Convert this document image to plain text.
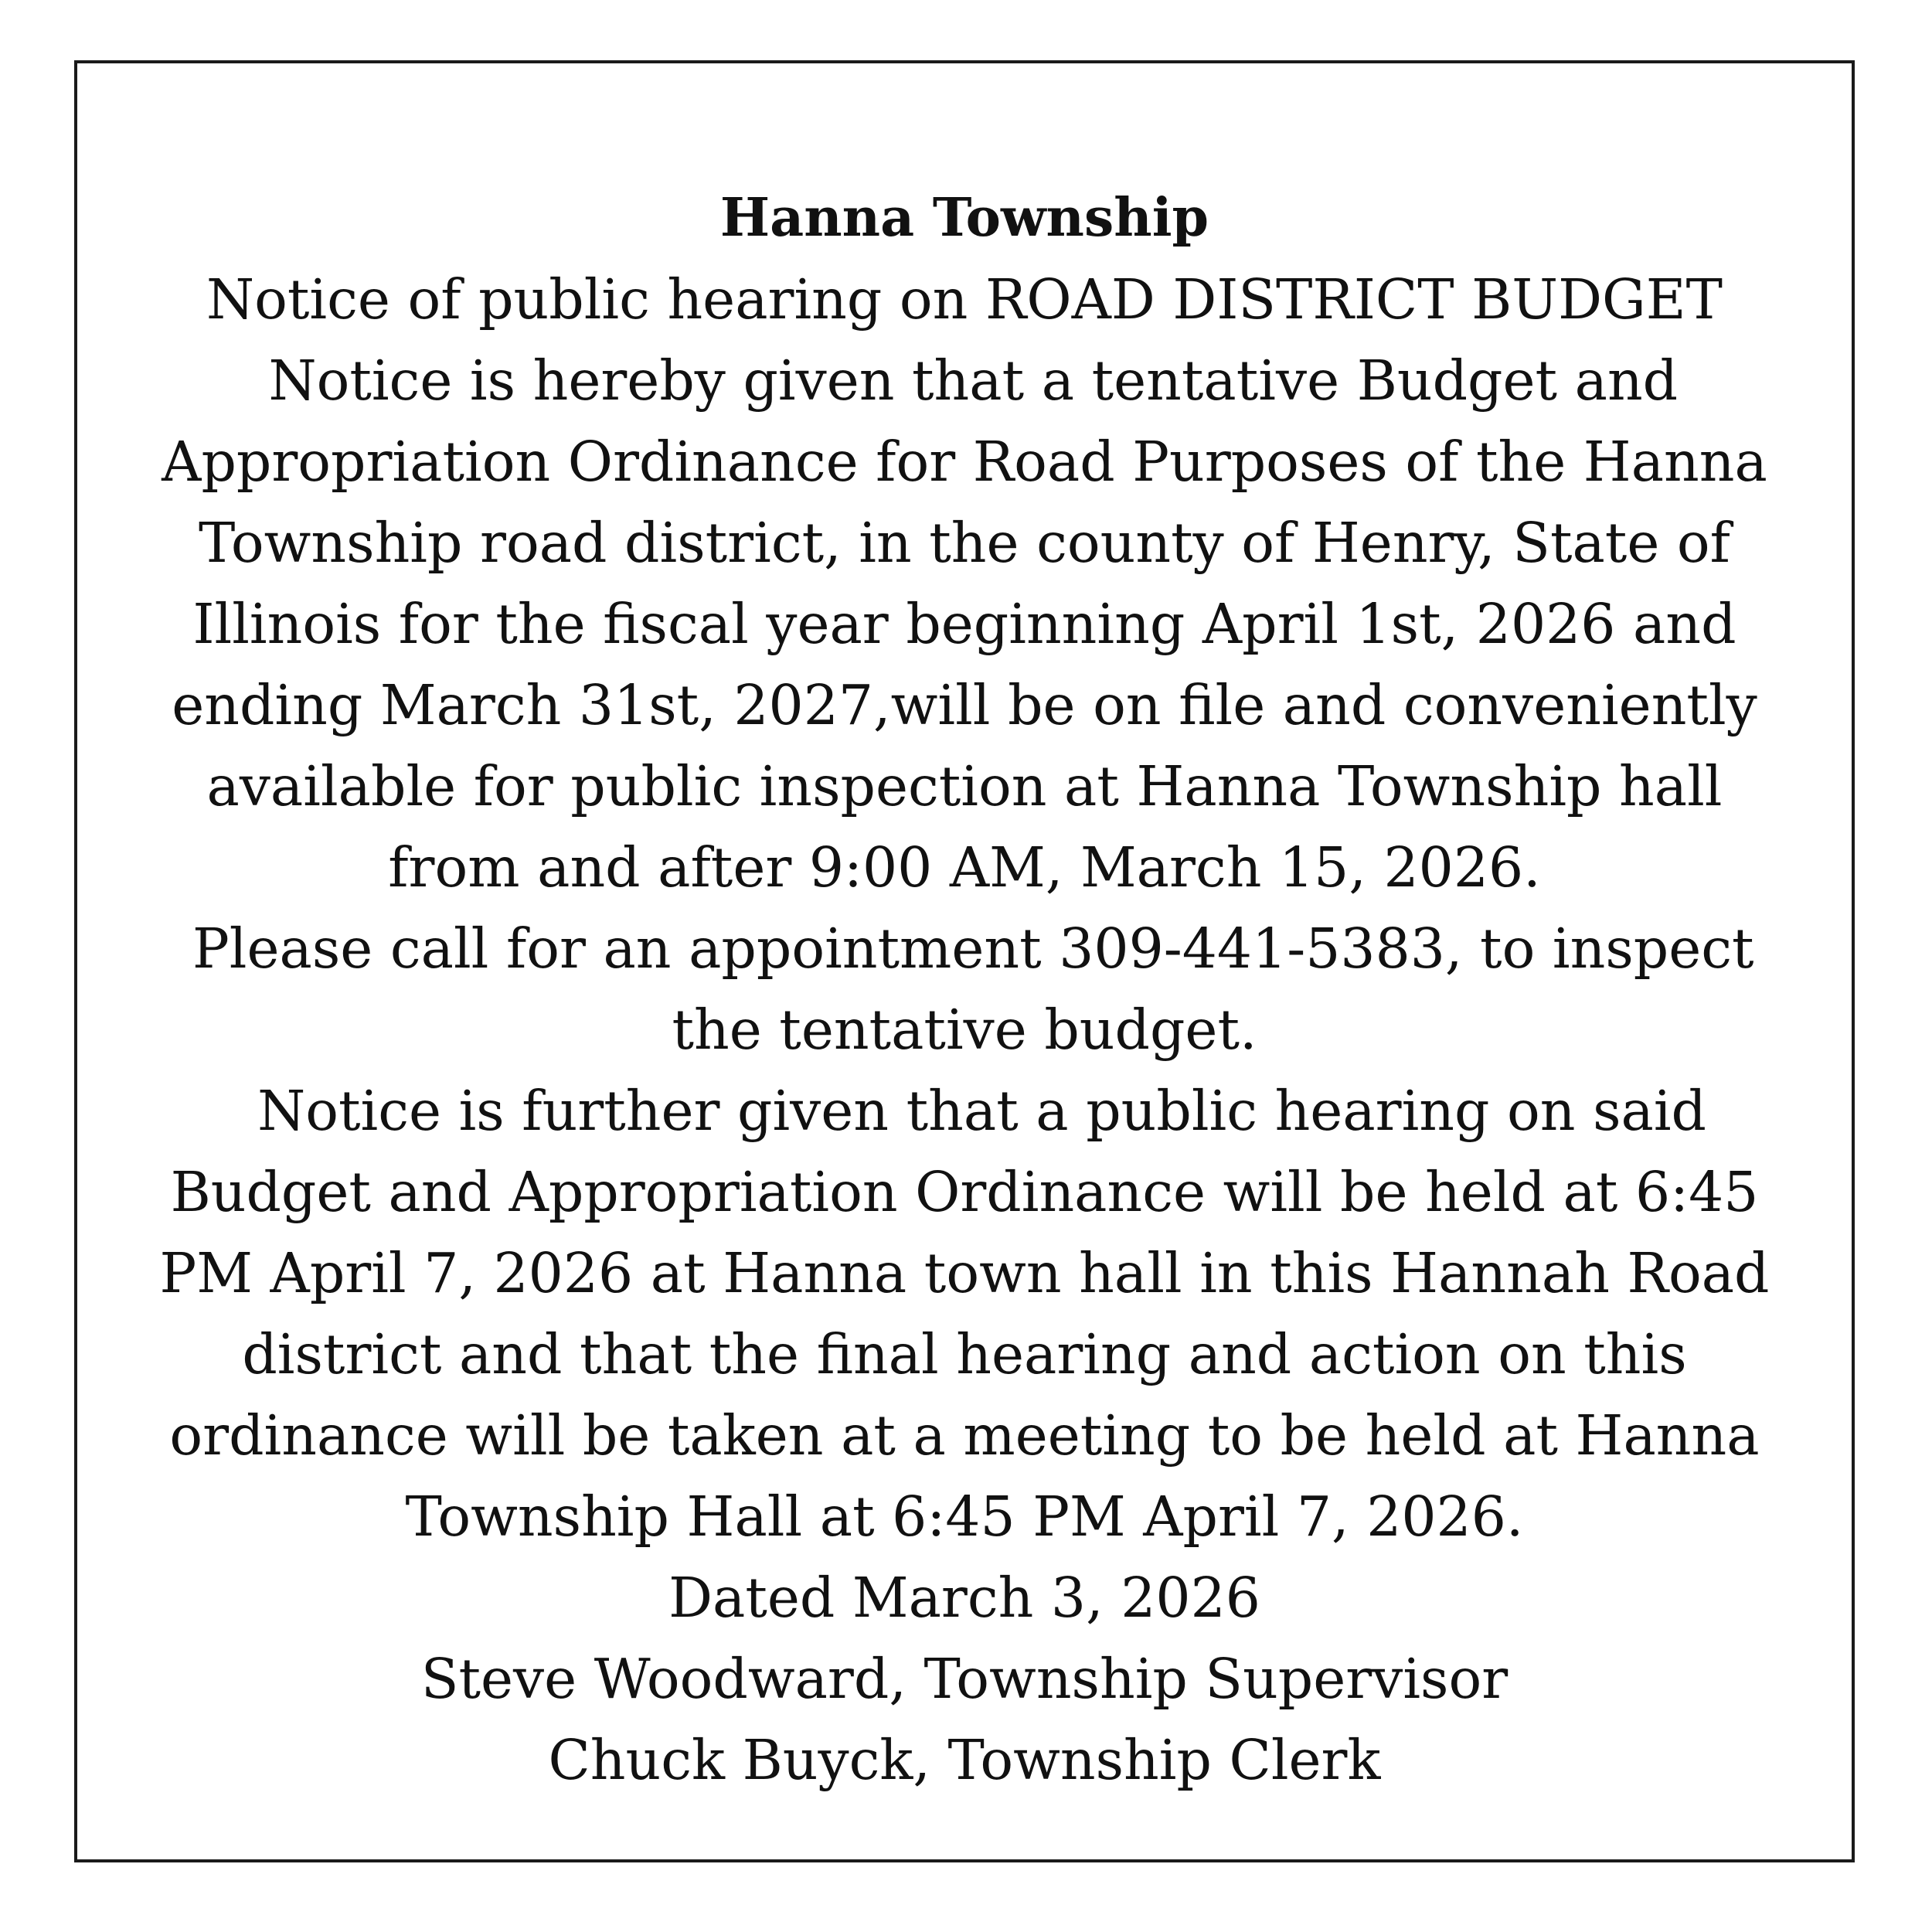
Hanna Township
Notice of public hearing on ROAD DISTRICT BUDGET
Notice is hereby given that a tentative Budget and
Appropriation Ordinance for Road Purposes of the Hanna
Township road district, in the county of Henry, State of
Illinois for the fiscal year beginning April 1st, 2026 and
ending March 31st, 2027,will be on file and conveniently
available for public inspection at Hanna Township hall
from and after 9:00 AM, March 15, 2026.
Please call for an appointment 309-441-5383, to inspect
the tentative budget.
Notice is further given that a public hearing on said
Budget and Appropriation Ordinance will be held at 6:45
PM April 7, 2026 at Hanna town hall in this Hannah Road
district and that the final hearing and action on this
ordinance will be taken at a meeting to be held at Hanna
Township Hall at 6:45 PM April 7, 2026.
Dated March 3, 2026
Steve Woodward, Township Supervisor
Chuck Buyck, Township Clerk
